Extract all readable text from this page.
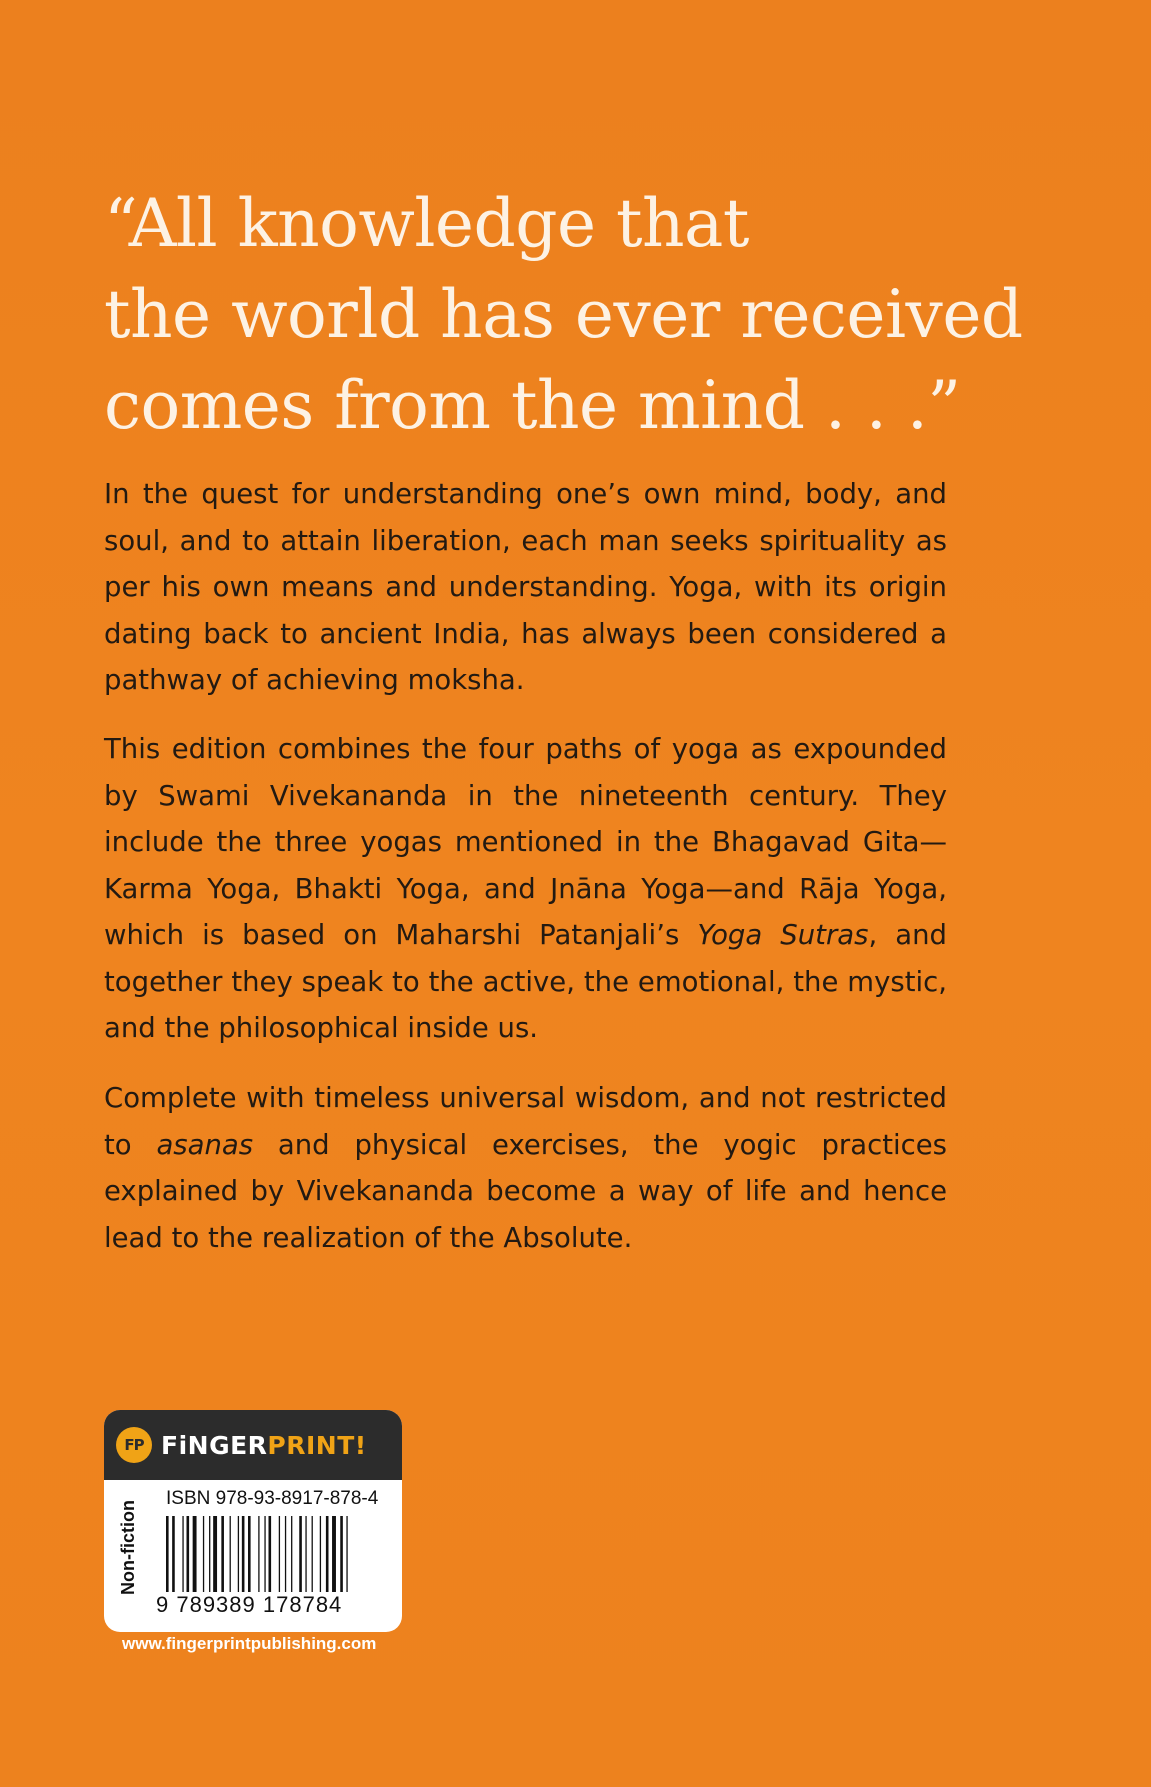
“All knowledge that
the world has ever received
comes from the mind . . .”

In the quest for understanding one’s own mind, body, and soul, and to attain liberation, each man seeks spirituality as per his own means and understanding. Yoga, with its origin dating back to ancient India, has always been considered a pathway of achieving moksha.

This edition combines the four paths of yoga as expounded by Swami Vivekananda in the nineteenth century. They include the three yogas mentioned in the Bhagavad Gita—Karma Yoga, Bhakti Yoga, and Jnāna Yoga—and Rāja Yoga, which is based on Maharshi Patanjali’s Yoga Sutras, and together they speak to the active, the emotional, the mystic, and the philosophical inside us.

Complete with timeless universal wisdom, and not restricted to asanas and physical exercises, the yogic practices explained by Vivekananda become a way of life and hence lead to the realization of the Absolute.

FP FiNGERPRINT!
Non-fiction
ISBN 978-93-8917-878-4
9 789389 178784
www.fingerprintpublishing.com
